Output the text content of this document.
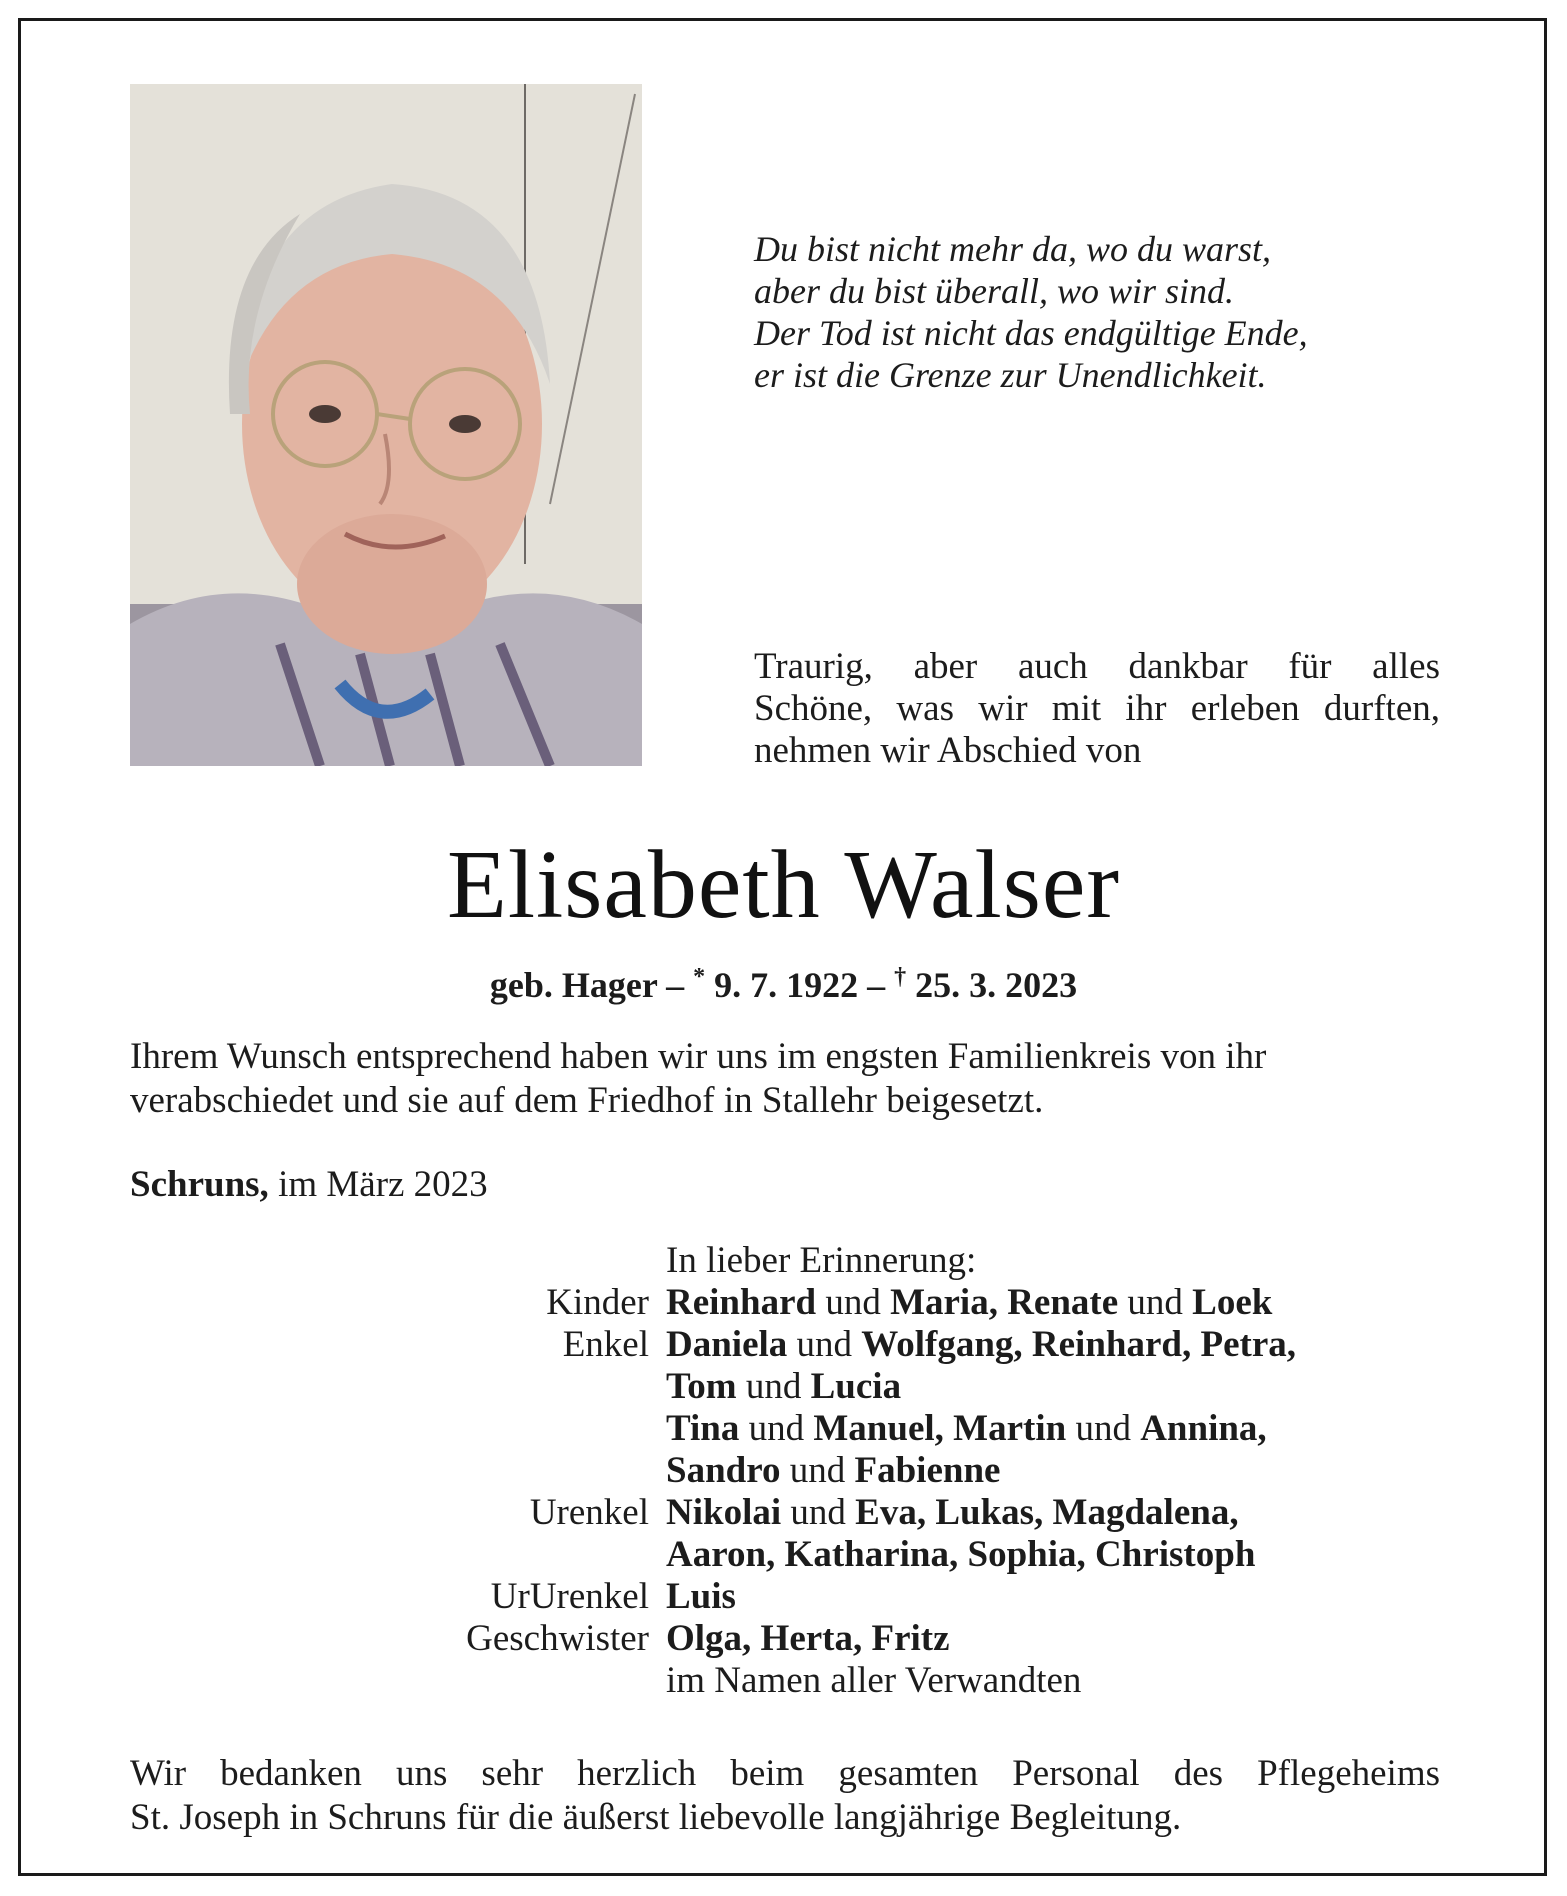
Du bist nicht mehr da, wo du warst,
aber du bist überall, wo wir sind.
Der Tod ist nicht das endgültige Ende,
er ist die Grenze zur Unendlichkeit.
Traurig, aber auch dankbar für alles
Schöne, was wir mit ihr erleben durften,
nehmen wir Abschied von
Elisabeth Walser
geb. Hager – * 9. 7. 1922 – † 25. 3. 2023
Ihrem Wunsch entsprechend haben wir uns im engsten Familienkreis von ihr
verabschiedet und sie auf dem Friedhof in Stallehr beigesetzt.
Schruns, im März 2023
In lieber Erinnerung:
Kinder Reinhard und Maria, Renate und Loek
Enkel Daniela und Wolfgang, Reinhard, Petra,
Tom und Lucia
Tina und Manuel, Martin und Annina,
Sandro und Fabienne
Urenkel Nikolai und Eva, Lukas, Magdalena,
Aaron, Katharina, Sophia, Christoph
UrUrenkel Luis
Geschwister Olga, Herta, Fritz
im Namen aller Verwandten
Wir bedanken uns sehr herzlich beim gesamten Personal des Pflegeheims
St. Joseph in Schruns für die äußerst liebevolle langjährige Begleitung.
